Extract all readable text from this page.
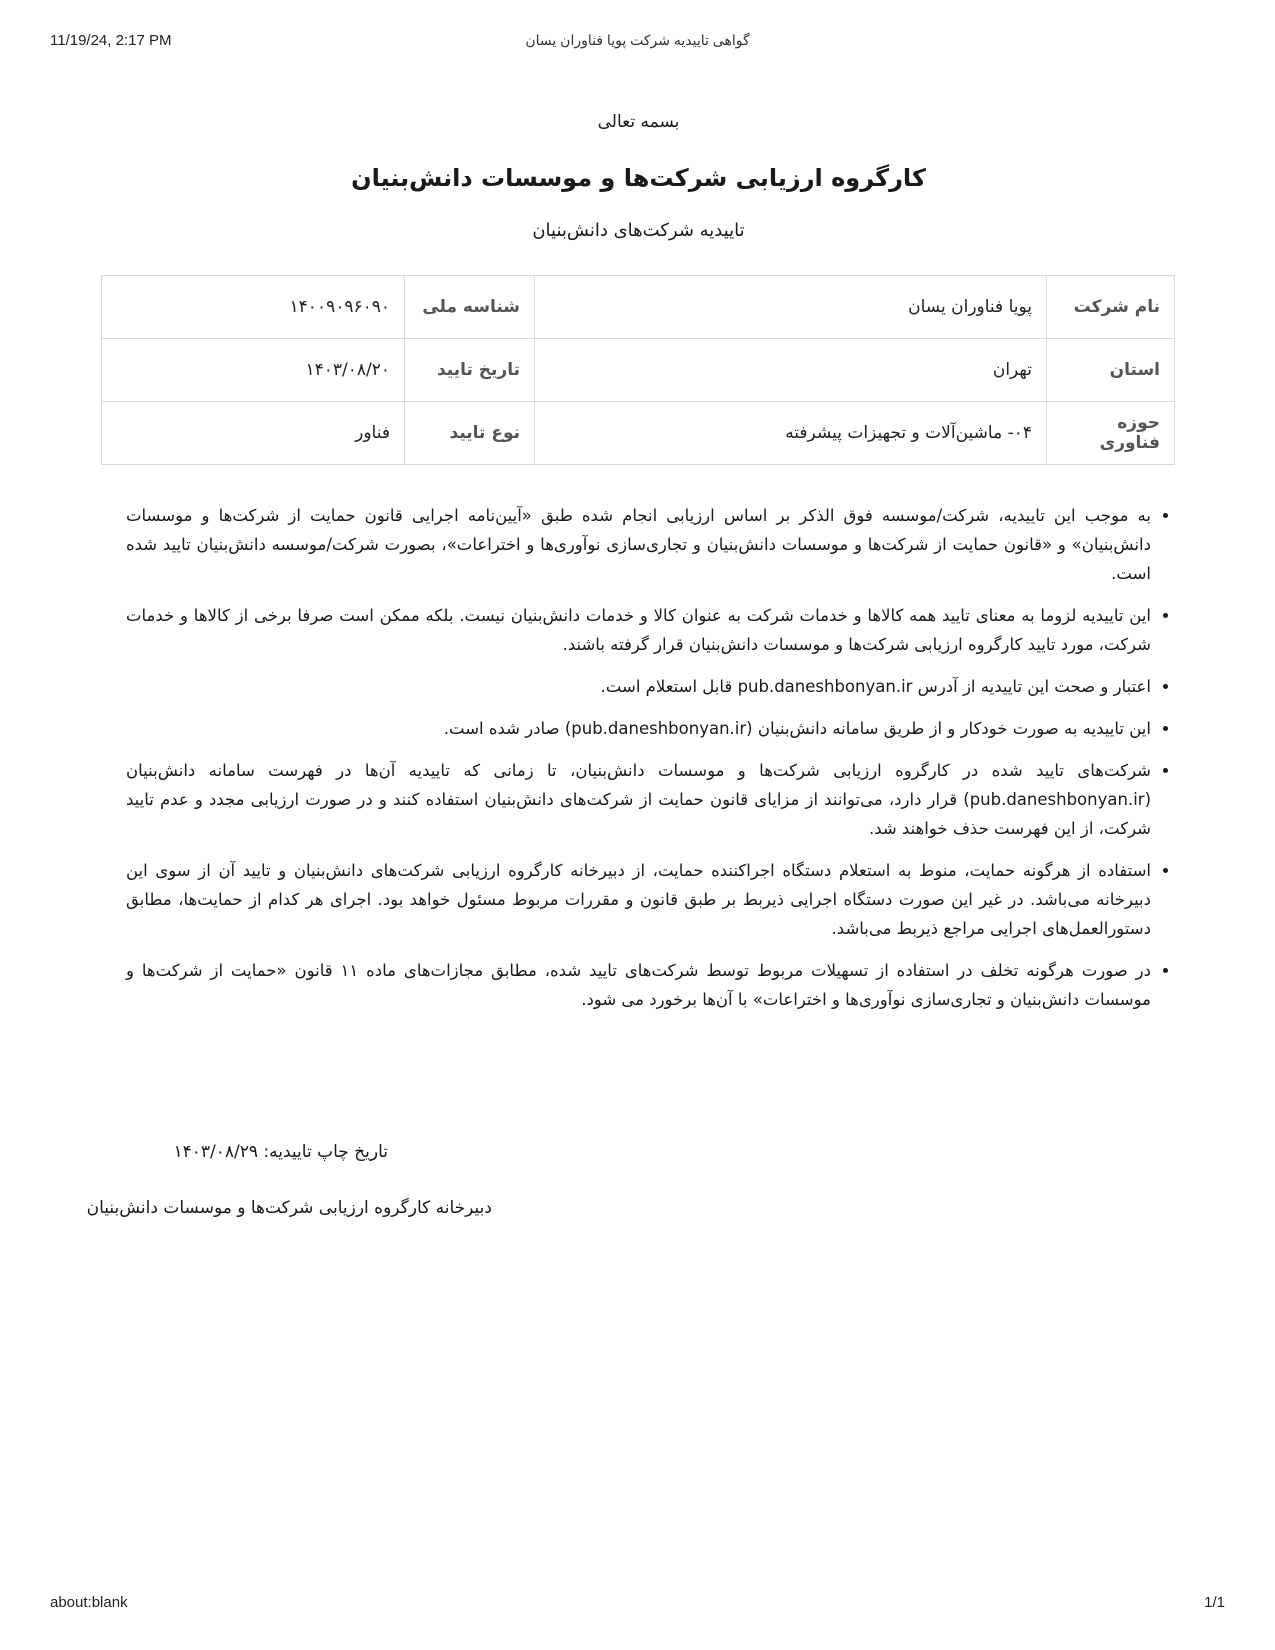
11/19/24, 2:17 PM	گواهی تاییدیه شرکت پویا فناوران یسان
بسمه تعالی
کارگروه ارزیابی شرکت‌ها و موسسات دانش‌بنیان
تاییدیه شرکت‌های دانش‌بنیان
نام شرکت	پویا فناوران یسان	شناسه ملی	۱۴۰۰۹۰۹۶۰۹۰
استان	تهران	تاریخ تایید	۱۴۰۳/۰۸/۲۰
حوزه فناوری	۰۴- ماشین‌آلات و تجهیزات پیشرفته	نوع تایید	فناور
• به موجب این تاییدیه، شرکت/موسسه فوق الذکر بر اساس ارزیابی انجام شده طبق «آیین‌نامه اجرایی قانون حمایت از شرکت‌ها و موسسات دانش‌بنیان» و «قانون حمایت از شرکت‌ها و موسسات دانش‌بنیان و تجاری‌سازی نوآوری‌ها و اختراعات»، بصورت شرکت/موسسه دانش‌بنیان تایید شده است.
• این تاییدیه لزوما به معنای تایید همه کالاها و خدمات شرکت به عنوان کالا و خدمات دانش‌بنیان نیست. بلکه ممکن است صرفا برخی از کالاها و خدمات شرکت، مورد تایید کارگروه ارزیابی شرکت‌ها و موسسات دانش‌بنیان قرار گرفته باشند.
• اعتبار و صحت این تاییدیه از آدرس pub.daneshbonyan.ir قابل استعلام است.
• این تاییدیه به صورت خودکار و از طریق سامانه دانش‌بنیان (pub.daneshbonyan.ir) صادر شده است.
• شرکت‌های تایید شده در کارگروه ارزیابی شرکت‌ها و موسسات دانش‌بنیان، تا زمانی که تاییدیه آن‌ها در فهرست سامانه دانش‌بنیان (pub.daneshbonyan.ir) قرار دارد، می‌توانند از مزایای قانون حمایت از شرکت‌های دانش‌بنیان استفاده کنند و در صورت ارزیابی مجدد و عدم تایید شرکت، از این فهرست حذف خواهند شد.
• استفاده از هرگونه حمایت، منوط به استعلام دستگاه اجراکننده حمایت، از دبیرخانه کارگروه ارزیابی شرکت‌های دانش‌بنیان و تایید آن از سوی این دبیرخانه می‌باشد. در غیر این صورت دستگاه اجرایی ذیربط بر طبق قانون و مقررات مربوط مسئول خواهد بود. اجرای هر کدام از حمایت‌ها، مطابق دستورالعمل‌های اجرایی مراجع ذیربط می‌باشد.
• در صورت هرگونه تخلف در استفاده از تسهیلات مربوط توسط شرکت‌های تایید شده، مطابق مجازات‌های ماده ۱۱ قانون «حمایت از شرکت‌ها و موسسات دانش‌بنیان و تجاری‌سازی نوآوری‌ها و اختراعات» با آن‌ها برخورد می شود.
تاریخ چاپ تاییدیه: ۱۴۰۳/۰۸/۲۹
دبیرخانه کارگروه ارزیابی شرکت‌ها و موسسات دانش‌بنیان
about:blank	1/1
